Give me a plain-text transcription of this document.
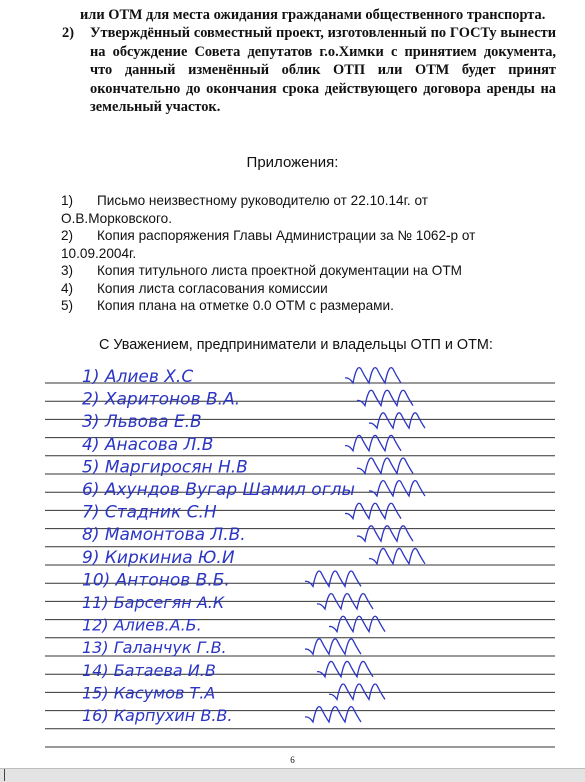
или ОТМ для места ожидания гражданами общественного транспорта.

2)	Утверждённый совместный проект, изготовленный по ГОСТу вынести на обсуждение Совета депутатов г.о.Химки с принятием документа, что данный изменённый облик ОТП или ОТМ будет принят окончательно до окончания срока действующего договора аренды на земельный участок.

Приложения:
1)	Письмо неизвестному руководителю от 22.10.14г. от
О.В.Морковского.
2)	Копия распоряжения Главы Администрации за № 1062-р от
10.09.2004г.
3)	Копия титульного листа проектной документации на ОТМ
4)	Копия листа согласования комиссии
5)	Копия плана на отметке 0.0 ОТМ с размерами.
С Уважением, предприниматели и владельцы ОТП и ОТМ:
1) Алиев Х.С
2) Харитонов В.А.
3) Львова Е.В
4) Анасова Л.В
5) Маргиросян Н.В
6) Ахундов Вугар Шамил оглы
7) Стадник С.Н
8) Мамонтова Л.В.
9) Киркиниа Ю.И
10) Антонов В.Б.
11) Барсегян А.К
12) Алиев.А.Б.
13) Галанчук Г.В.
14) Батаева И.В
15) Касумов Т.А
16) Карпухин В.В.
6
